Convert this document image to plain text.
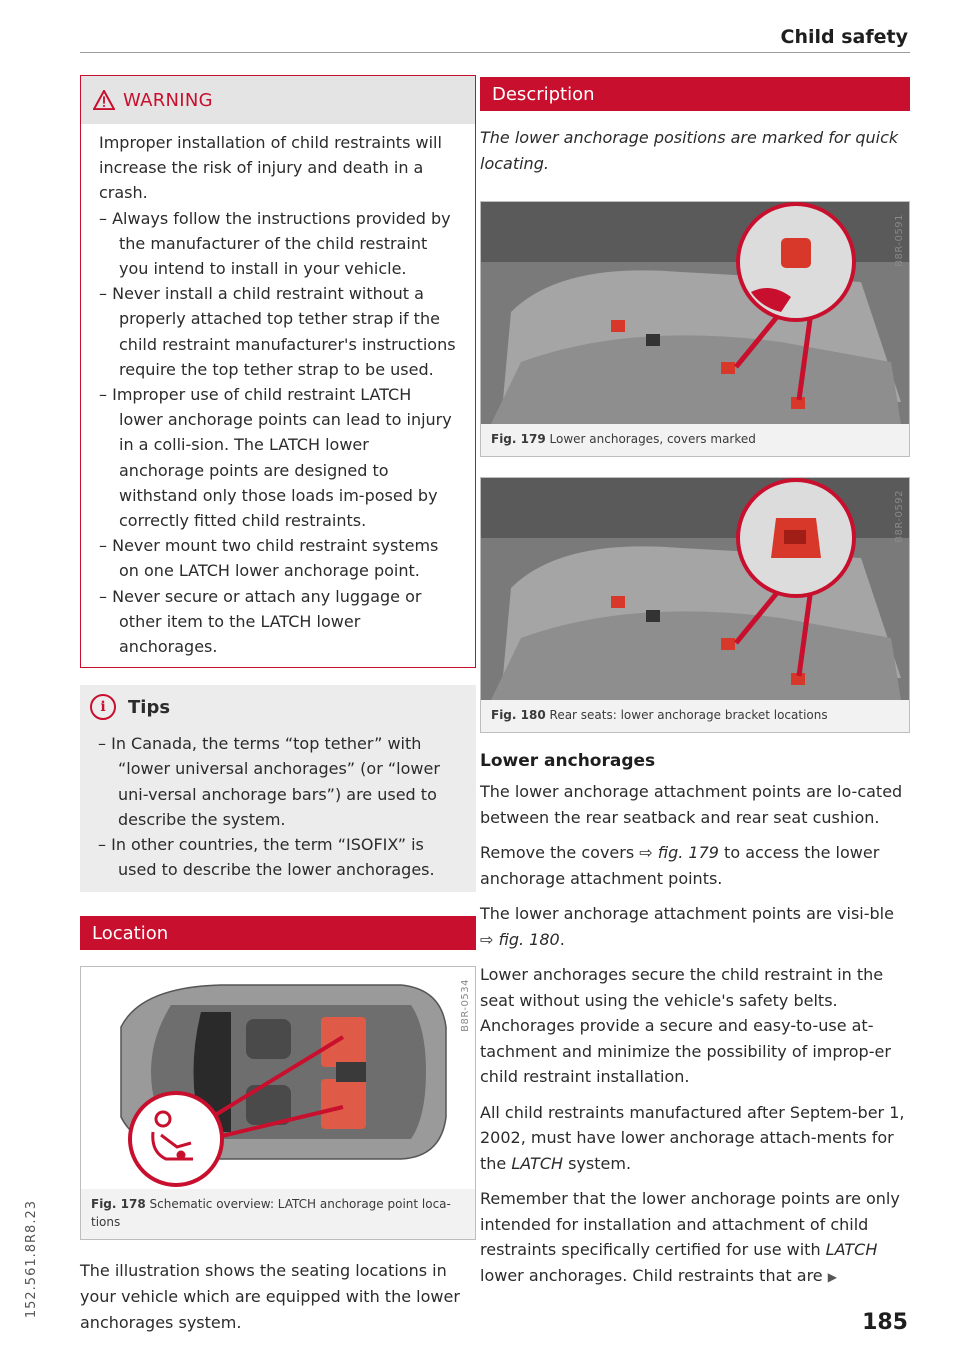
Child safety
WARNING

Improper installation of child restraints will increase the risk of injury and death in a crash.

– Always follow the instructions provided by the manufacturer of the child restraint you intend to install in your vehicle.
– Never install a child restraint without a properly attached top tether strap if the child restraint manufacturer's instructions require the top tether strap to be used.
– Improper use of child restraint LATCH lower anchorage points can lead to injury in a colli-sion. The LATCH lower anchorage points are designed to withstand only those loads im-posed by correctly fitted child restraints.
– Never mount two child restraint systems on one LATCH lower anchorage point.
– Never secure or attach any luggage or other item to the LATCH lower anchorages.
i	Tips
– In Canada, the terms “top tether” with “lower universal anchorages” (or “lower uni-versal anchorage bars”) are used to describe the system.
– In other countries, the term “ISOFIX” is used to describe the lower anchorages.
Location
B8R-0534
Fig. 178 Schematic overview: LATCH anchorage point loca-tions

The illustration shows the seating locations in your vehicle which are equipped with the lower anchorages system.

Description

The lower anchorage positions are marked for quick locating.

B8R-0591
Fig. 179 Lower anchorages, covers marked
B8R-0592
Fig. 180 Rear seats: lower anchorage bracket locations
Lower anchorages

The lower anchorage attachment points are lo-cated between the rear seatback and rear seat cushion.

Remove the covers ⇨ fig. 179 to access the lower anchorage attachment points.

The lower anchorage attachment points are visi-ble ⇨ fig. 180.

Lower anchorages secure the child restraint in the seat without using the vehicle's safety belts. Anchorages provide a secure and easy-to-use at-tachment and minimize the possibility of improp-er child restraint installation.

All child restraints manufactured after Septem-ber 1, 2002, must have lower anchorage attach-ments for the LATCH system.

Remember that the lower anchorage points are only intended for installation and attachment of child restraints specifically certified for use with LATCH lower anchorages. Child restraints that are ▶

185
152.561.8R8.23
